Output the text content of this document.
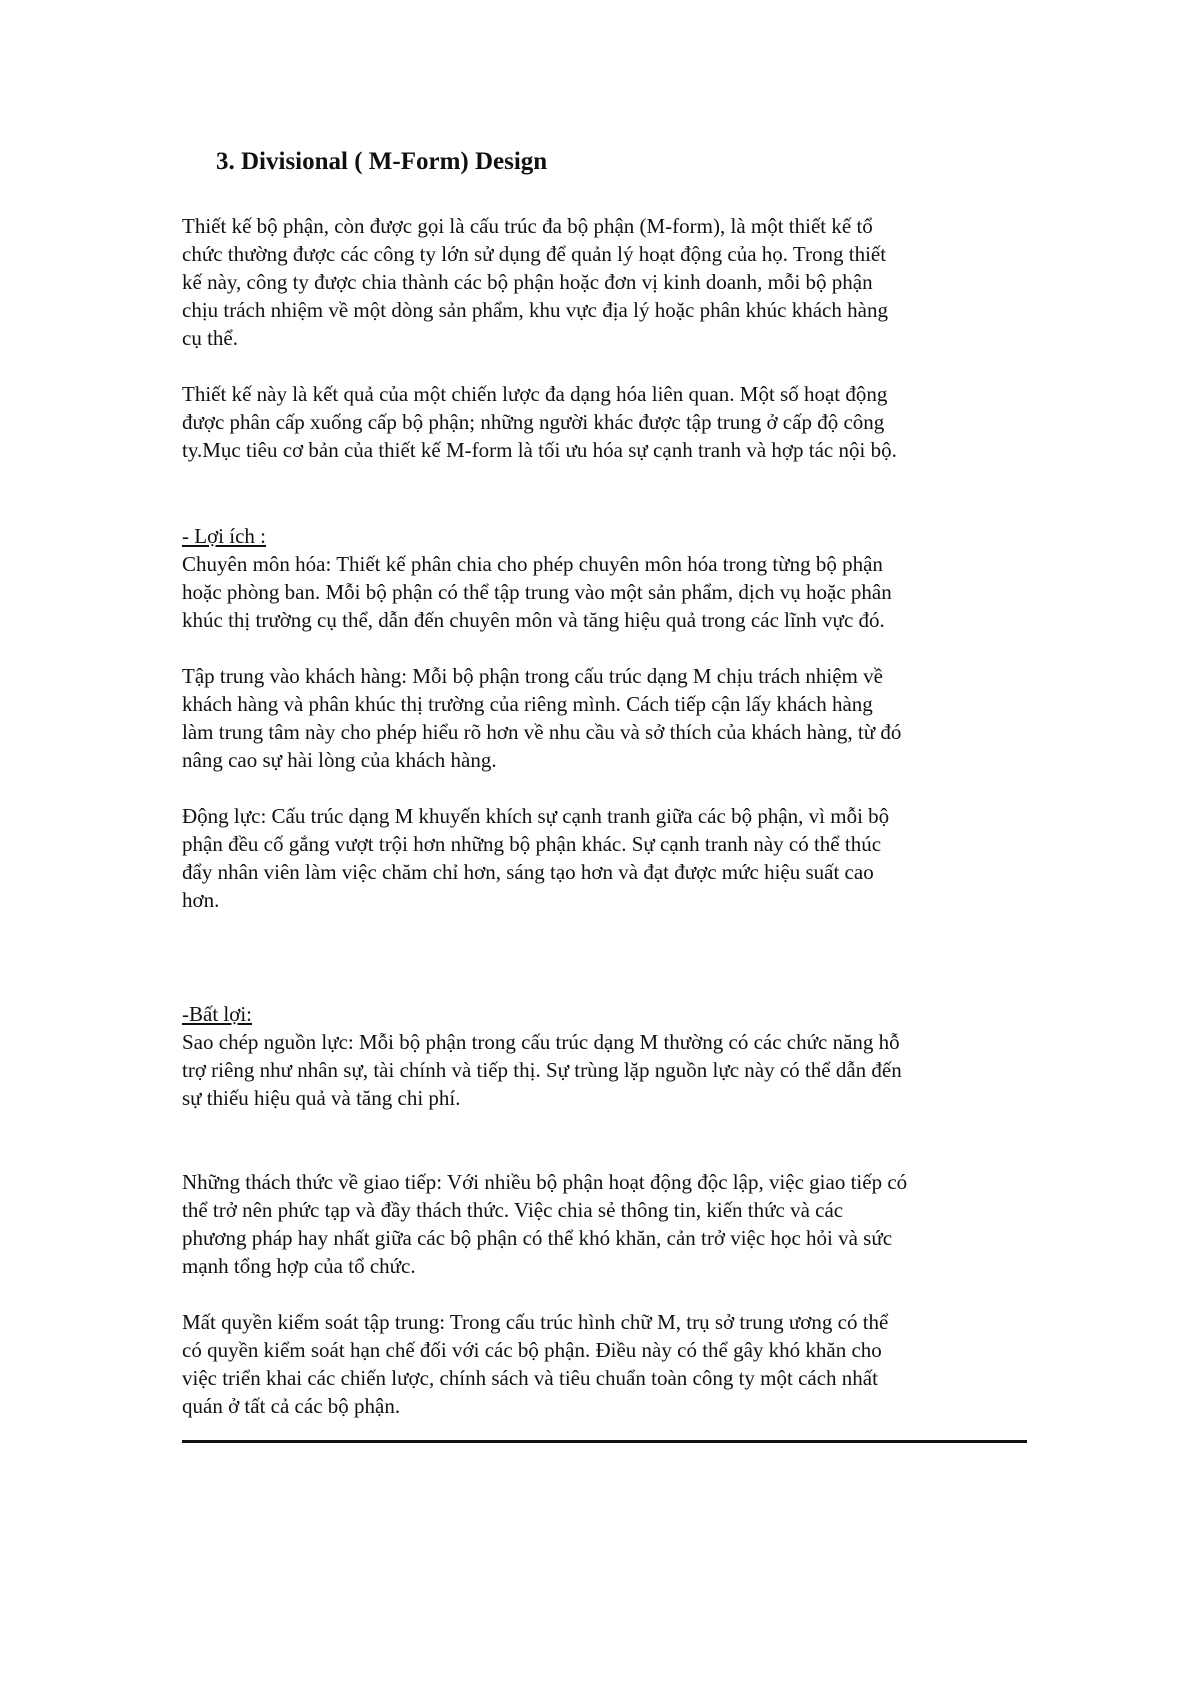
3. Divisional ( M-Form) Design

Thiết kế bộ phận, còn được gọi là cấu trúc đa bộ phận (M-form), là một thiết kế tổ
chức thường được các công ty lớn sử dụng để quản lý hoạt động của họ. Trong thiết
kế này, công ty được chia thành các bộ phận hoặc đơn vị kinh doanh, mỗi bộ phận
chịu trách nhiệm về một dòng sản phẩm, khu vực địa lý hoặc phân khúc khách hàng
cụ thể.

Thiết kế này là kết quả của một chiến lược đa dạng hóa liên quan. Một số hoạt động
được phân cấp xuống cấp bộ phận; những người khác được tập trung ở cấp độ công
ty.Mục tiêu cơ bản của thiết kế M-form là tối ưu hóa sự cạnh tranh và hợp tác nội bộ.

- Lợi ích :

Chuyên môn hóa: Thiết kế phân chia cho phép chuyên môn hóa trong từng bộ phận
hoặc phòng ban. Mỗi bộ phận có thể tập trung vào một sản phẩm, dịch vụ hoặc phân
khúc thị trường cụ thể, dẫn đến chuyên môn và tăng hiệu quả trong các lĩnh vực đó.

Tập trung vào khách hàng: Mỗi bộ phận trong cấu trúc dạng M chịu trách nhiệm về
khách hàng và phân khúc thị trường của riêng mình. Cách tiếp cận lấy khách hàng
làm trung tâm này cho phép hiểu rõ hơn về nhu cầu và sở thích của khách hàng, từ đó
nâng cao sự hài lòng của khách hàng.

Động lực: Cấu trúc dạng M khuyến khích sự cạnh tranh giữa các bộ phận, vì mỗi bộ
phận đều cố gắng vượt trội hơn những bộ phận khác. Sự cạnh tranh này có thể thúc
đẩy nhân viên làm việc chăm chỉ hơn, sáng tạo hơn và đạt được mức hiệu suất cao
hơn.

-Bất lợi:

Sao chép nguồn lực: Mỗi bộ phận trong cấu trúc dạng M thường có các chức năng hỗ
trợ riêng như nhân sự, tài chính và tiếp thị. Sự trùng lặp nguồn lực này có thể dẫn đến
sự thiếu hiệu quả và tăng chi phí.

Những thách thức về giao tiếp: Với nhiều bộ phận hoạt động độc lập, việc giao tiếp có
thể trở nên phức tạp và đầy thách thức. Việc chia sẻ thông tin, kiến thức và các
phương pháp hay nhất giữa các bộ phận có thể khó khăn, cản trở việc học hỏi và sức
mạnh tổng hợp của tổ chức.

Mất quyền kiểm soát tập trung: Trong cấu trúc hình chữ M, trụ sở trung ương có thể
có quyền kiểm soát hạn chế đối với các bộ phận. Điều này có thể gây khó khăn cho
việc triển khai các chiến lược, chính sách và tiêu chuẩn toàn công ty một cách nhất
quán ở tất cả các bộ phận.
